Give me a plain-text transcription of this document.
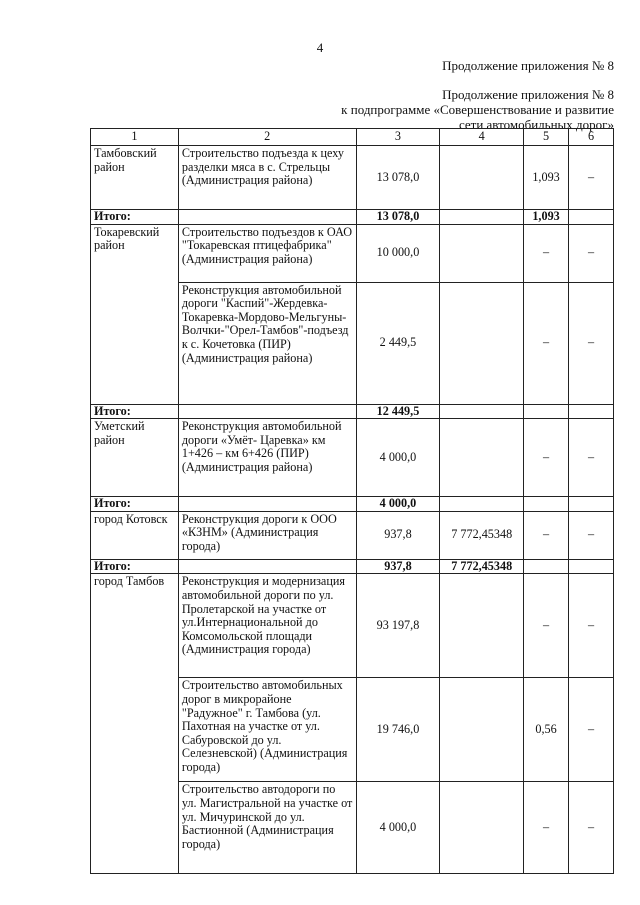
4
Продолжение приложения № 8
Продолжение приложения № 8
к подпрограмме «Совершенствование и развитие
сети автомобильных дорог»
1	2	3	4	5	6
Тамбовский район	Строительство подъезда к цеху разделки мяса в с. Стрельцы (Администрация района)	13 078,0		1,093	–
Итого:		13 078,0		1,093	
Токаревский район	Строительство подъездов к ОАО "Токаревская птицефабрика" (Администрация района)	10 000,0		–	–
	Реконструкция автомобильной дороги "Каспий"-Жердевка-Токаревка-Мордово-Мельгуны-Волчки-"Орел-Тамбов"-подъезд к с. Кочетовка (ПИР) (Администрация района)	2 449,5		–	–
Итого:		12 449,5			
Уметский район	Реконструкция автомобильной дороги «Умёт- Царевка» км 1+426 – км 6+426 (ПИР) (Администрация района)	4 000,0		–	–
Итого:		4 000,0			
город Котовск	Реконструкция дороги к ООО «КЗНМ» (Администрация города)	937,8	7 772,45348	–	–
Итого:		937,8	7 772,45348		
город Тамбов	Реконструкция и модернизация автомобильной дороги по ул. Пролетарской на участке от ул.Интернациональной до Комсомольской площади (Администрация города)	93 197,8		–	–
	Строительство автомобильных дорог в микрорайоне "Радужное" г. Тамбова (ул. Пахотная на участке от ул. Сабуровской до ул. Селезневской) (Администрация города)	19 746,0		0,56	–
	Строительство автодороги по ул. Магистральной на участке от ул. Мичуринской до ул. Бастионной (Администрация города)	4 000,0		–	–
